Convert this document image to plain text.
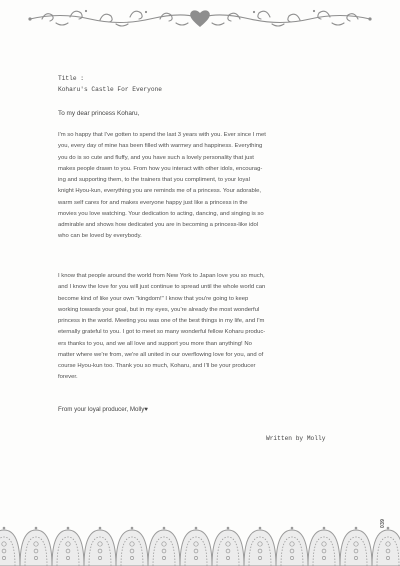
Title :
Koharu's Castle For Everyone
To my dear princess Koharu,
I'm so happy that I've gotten to spend the last 3 years with you. Ever since I met
you, every day of mine has been filled with warmey and happiness. Everything
you do is so cute and fluffy, and you have such a lovely personality that just
makes people drawn to you. From how you interact with other idols, encourag-
ing and supporting them, to the trainers that you compliment, to your loyal
knight Hyou-kun, everything you are reminds me of a princess. Your adorable,
warm self cares for and makes everyone happy just like a princess in the
movies you love watching. Your dedication to acting, dancing, and singing is so
admirable and shows how dedicated you are in becoming a princess-like idol
who can be loved by everybody.
I know that people around the world from New York to Japan love you so much,
and I know the love for you will just continue to spread until the whole world can
become kind of like your own "kingdom!" I know that you're going to keep
working towards your goal, but in my eyes, you're already the most wonderful
princess in the world. Meeting you was one of the best things in my life, and I'm
eternally grateful to you. I got to meet so many wonderful fellow Koharu produc-
ers thanks to you, and we all love and support you more than anything! No
matter where we're from, we're all united in our overflowing love for you, and of
course Hyou-kun too. Thank you so much, Koharu, and I'll be your producer
forever.
From your loyal producer, Molly♥
Written by Molly
039
